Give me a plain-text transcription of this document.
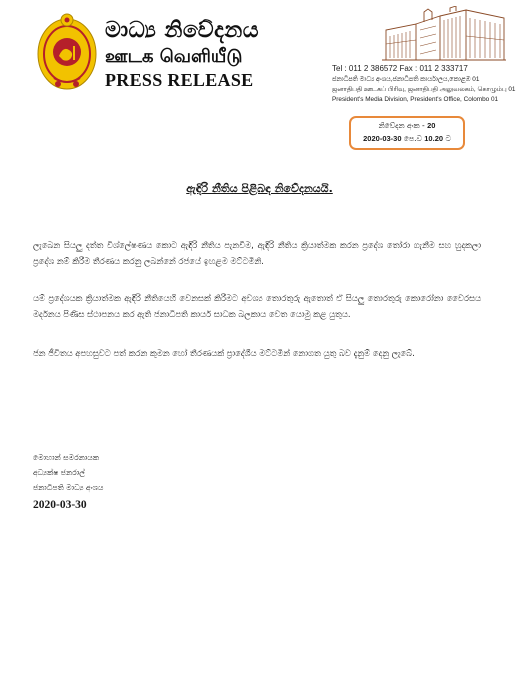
මාධ්‍ය නිවේදනය
ஊடக வெளியீடு
PRESS RELEASE
Tel : 011 2 386572 Fax : 011 2 333717
ජනාධිපති මාධ්‍ය අංශය,ජනාධිපති කාර්යාලය,කොළඹ 01
ஜனாதிபதி ஊடகப் பிரிவு, ஜனாதிபதி அலுவலகம், கொழும்பு 01
President's Media Division, President's Office, Colombo 01
නිවේදන අංක - 20
2020-03-30 පෙ.ව 10.20 ට
ඇඳිරි නීතිය පිළිබඳ නිවේදනයයි.
ලැබෙන සියලු දත්ත විශ්ලේෂණය කොට ඇඳිරි නීතිය පැනවීම, ඇඳිරි නීතිය ක්‍රියාත්මක කරන ප්‍රදේශ තෝරා ගැනීම සහ හුදකලා ප්‍රදේශ නම් කිරීම තීරණය කරනු ලබන්නේ රජයේ ඉහළම මට්ටමිනි.
යම් ප්‍රදේශයක ක්‍රියාත්මක ඇඳිරි නීතියෙහි වෙනසක් කිරීමට අවශ්‍ය තොරතුරු ඇතොත් ඒ සියලු තොරතුරු කොරෝනා වෛරසය මර්දනය පිණිස ස්ථාපනය කර ඇති ජනාධිපති කාර්ය සාධක බලකාය වෙත යොමු කළ යුතුය.
ජන ජීවිතය අපහසුවට පත් කරන කුමන හෝ තීරණයක් ප්‍රාදේශීය මට්ටමින් නොගත යුතු බව දැනුම් දෙනු ලැබේ.
මොහාන් සමරනායක
අධ්‍යක්ෂ ජනරාල්
ජනාධිපති මාධ්‍ය අංශය
2020-03-30
